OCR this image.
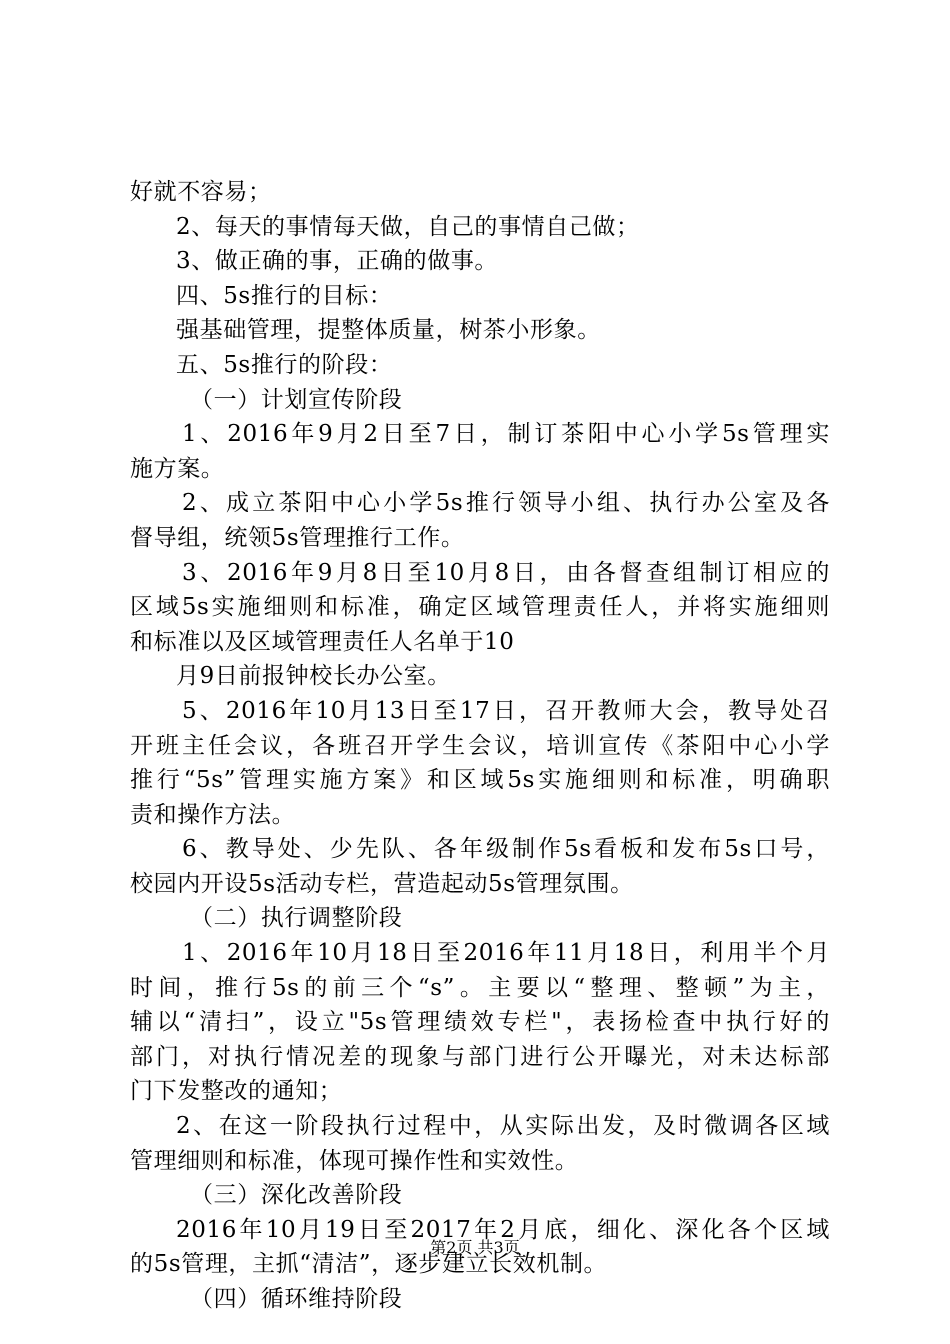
好就不容易；
2、每天的事情每天做，自己的事情自己做；
3、做正确的事，正确的做事。
四、5s推行的目标：
强基础管理，提整体质量，树茶小形象。
五、5s推行的阶段：
（一）计划宣传阶段
1、2016年9月2日至7日，制订茶阳中心小学5s管理实
施方案。
2、成立茶阳中心小学5s推行领导小组、执行办公室及各
督导组，统领5s管理推行工作。
3、2016年9月8日至10月8日，由各督查组制订相应的
区域5s实施细则和标准，确定区域管理责任人，并将实施细则
和标准以及区域管理责任人名单于10
月9日前报钟校长办公室。
5、2016年10月13日至17日，召开教师大会，教导处召
开班主任会议，各班召开学生会议，培训宣传《茶阳中心小学
推行“5s”管理实施方案》和区域5s实施细则和标准，明确职
责和操作方法。
6、教导处、少先队、各年级制作5s看板和发布5s口号，
校园内开设5s活动专栏，营造起动5s管理氛围。
（二）执行调整阶段
1、2016年10月18日至2016年11月18日，利用半个月
时间，推行5s的前三个“s”。主要以“整理、整顿”为主，
辅以“清扫”，设立"5s管理绩效专栏"，表扬检查中执行好的
部门，对执行情况差的现象与部门进行公开曝光，对未达标部
门下发整改的通知；
2、在这一阶段执行过程中，从实际出发，及时微调各区域
管理细则和标准，体现可操作性和实效性。
（三）深化改善阶段
2016年10月19日至2017年2月底，细化、深化各个区域
的5s管理，主抓“清洁”，逐步建立长效机制。
（四）循环维持阶段
第2页 共3页
